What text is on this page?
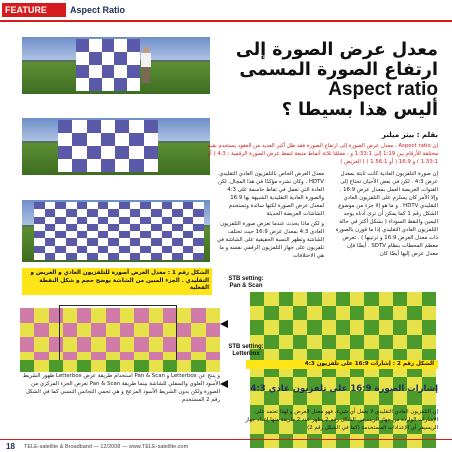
FEATURE	Aspect Ratio
الشكل رقم 1 : معدل العرض أصورة للتلفزيون العادي و العريض و التقليدي . الجزء المبين من الشاشة يوضح حجم و شكل النقطة الفعلية
معدل عرض الصورة إلى
ارتفاع الصورة المسمى
Aspect ratio
أليس هذا بسيطا ؟
بقلم : بيتر ميلنر
إن Aspect ratio ، معدل عرض الصورة إلى ارتفاع الصورة فقد ظل أكبر العديد من العقود يستخدم بقيم مختلفة للأرقام بين 1:19 إلى 1:33:1 و ، معلمًا ثلاثة أنماط متبعة لنمط عرض الصورة الرقمية : 4:3 ( أو 1.33:1 ) و 16:9 ( أو 1.56:1 ) ( العريض )
إن صورة التلفزيون العادية كانت ثابتة بمعدل عرض 4:3 . لكن في بعض الأحيان تحتاج إلى القنوات العريضة العمل بمعدل عرض 16:9 . وإلا الأمر كان يسلزم على التلفزيون العادي التقليدي HDTV . و ما هو إلا جزء من موضوع الشكل رقم 1 كما يمكن أن ترى أدناه يوجد اليمين والنقط السوداء ( بشكل أكثر في حالة التلفزيون العادي التقليدي إذا ما قورن بالصورة ذات معدل العرض 16:9 و ترتيبها ) . تعرض معظم المحطات بنظام SDTV . أيضًا فإن معدل عرض إليها أيضًا كان
معدل العرض الخاص بالتلفزيون العادي التقليدي HDTV ، وكان نشره مؤكدًا في هذا المجال. لكن العادة التي تعمل في نقاط حاسمة على 4:3 والصورة العادية التقليدية الشبيهة بها 16:9 لمعدل عرض الصورة لكنها سائدة وتستخدم الشاشات العريضة الحديثة
و لكن ماذا يحدث عندما تعرض صورة التلفزيون العادي 4:3 بمعدل عرض 16:9 حيث تختلف الشاشة وتظهر النسبة الحقيقية على الشاشة في تلفزيون على جهاز التلفزيون الرقمي نفسه و ما هي الاختلافات
الشكل رقم 2 : إشارات 16:9 على تلفزيون 4:3
STB setting: Pan & Scan
STB setting: Letterbox
إشارات الصورة 16:9 على تلفزيون عادي 4:3
إن التلفزيون العادي التقليدي لا يعمل أي شيء، فهو معدل العرض و لهذا تعتمد على الإشارات الواردة من جهاز الريسيفر. الشكل رقم 2 يظهر عدد 2 طريقة منها إعداد جهاز الريسيفر أي الإعدادات المستخدمة (كما في الشكل رقم 2)
و ينتج عن Letterbox و Pan & Scan استخدام طريقة عرض Letterbox ظهور الشريط الأسود العلوي والسفلي للشاشة بينما طريقة Pan & Scan تعرض الجزء المركزي من الصورة ولكن بدون الشريط الأسود المزعج و هي تحمي التجانس النسبي كما في الشكل رقم 2 المستخدم
18 TELE-satellite & Broadband — 12/2008 — www.TELE-satellite.com
